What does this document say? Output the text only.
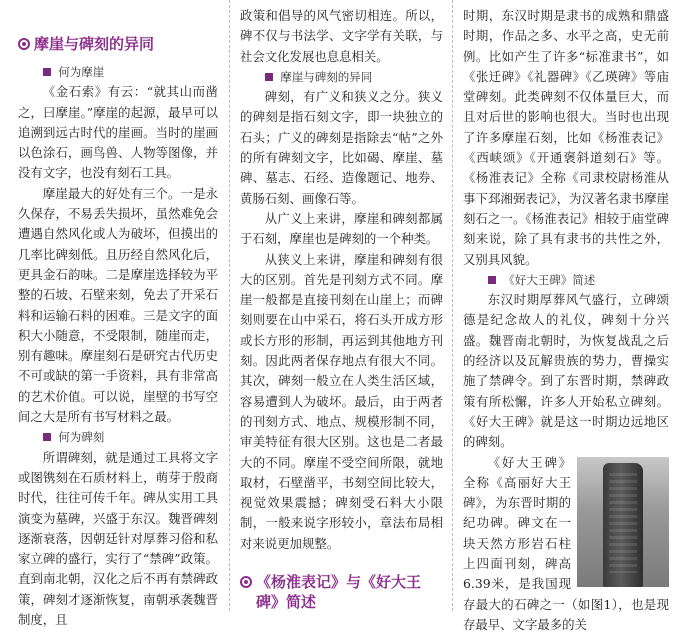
摩崖与碑刻的异同
何为摩崖

《金石索》有云：“就其山而凿之，曰摩崖。”摩崖的起源，最早可以追溯到远古时代的崖画。当时的崖画以色涂石，画鸟兽、人物等图像，并没有文字，也没有刻石工具。

摩崖最大的好处有三个。一是永久保存，不易丢失损坏，虽然难免会遭遇自然风化或人为破坏，但摸出的几率比碑刻低。且历经自然风化后，更具金石韵味。二是摩崖选择较为平整的石坡、石壁来刻，免去了开采石料和运输石料的困难。三是文字的面积大小随意，不受限制，随崖而走，别有趣味。摩崖刻石是研究古代历史不可或缺的第一手资料，具有非常高的艺术价值。可以说，崖壁的书写空间之大是所有书写材料之最。

何为碑刻

所谓碑刻，就是通过工具将文字或图镌刻在石质材料上，萌芽于殷商时代，往往可传千年。碑从实用工具演变为墓碑，兴盛于东汉。魏晋碑刻逐渐衰落，因朝廷针对厚葬习俗和私家立碑的盛行，实行了“禁碑”政策。直到南北朝，汉化之后不再有禁碑政策，碑刻才逐渐恢复，南朝承袭魏晋制度，且

政策和倡导的风气密切相连。所以，碑不仅与书法学、文字学有关联，与社会文化发展也息息相关。

摩崖与碑刻的异同

碑刻，有广义和狭义之分。狭义的碑刻是指石刻文字，即一块独立的石头；广义的碑刻是指除去“帖”之外的所有碑刻文字，比如碣、摩崖、墓碑、墓志、石经、造像题记、地券、黄肠石刻、画像石等。

从广义上来讲，摩崖和碑刻都属于石刻，摩崖也是碑刻的一个种类。

从狭义上来讲，摩崖和碑刻有很大的区别。首先是刊刻方式不同。摩崖一般都是直接刊刻在山崖上；而碑刻则要在山中采石，将石头开成方形或长方形的形制，再运到其他地方刊刻。因此两者保存地点有很大不同。其次，碑刻一般立在人类生活区域，容易遭到人为破坏。最后，由于两者的刊刻方式、地点、规模形制不同，审美特征有很大区别。这也是二者最大的不同。摩崖不受空间所限，就地取材，石壁凿平，书刻空间比较大，视觉效果震撼；碑刻受石料大小限制，一般来说字形较小，章法布局相对来说更加规整。

《杨淮表记》与《好大王碑》简述

时期，东汉时期是隶书的成熟和鼎盛时期，作品之多、水平之高，史无前例。比如产生了许多“标准隶书”，如《张迁碑》《礼器碑》《乙瑛碑》等庙堂碑刻。此类碑刻不仅体量巨大，而且对后世的影响也很大。当时也出现了许多摩崖石刻，比如《杨淮表记》《西峡颂》《开通褒斜道刻石》等。《杨淮表记》全称《司隶校尉杨淮从事下邳湘弼表记》，为汉著名隶书摩崖刻石之一。《杨淮表记》相较于庙堂碑刻来说，除了具有隶书的共性之外，又别具风貌。

《好大王碑》简述

东汉时期厚葬风气盛行，立碑颂德是纪念故人的礼仪，碑刻十分兴盛。魏晋南北朝时，为恢复战乱之后的经济以及瓦解贵族的势力，曹操实施了禁碑令。到了东晋时期，禁碑政策有所松懈，许多人开始私立碑刻。《好大王碑》就是这一时期边远地区的碑刻。

《好大王碑》全称《高丽好大王碑》，为东晋时期的纪功碑。碑文在一块天然方形岩石柱上四面刊刻，碑高6.39米，是我国现存最大的石碑之一（如图1），也是现存最早、文字最多的关
